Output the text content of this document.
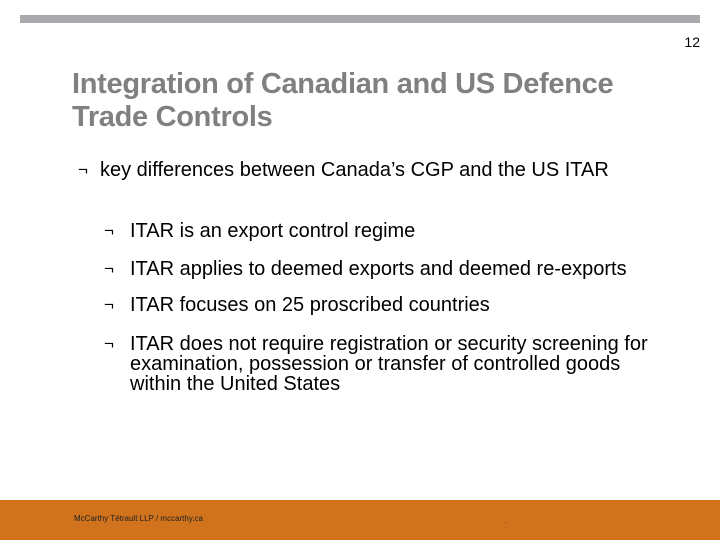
12
Integration of Canadian and US Defence Trade Controls
¬ key differences between Canada’s CGP and the US ITAR
¬ ITAR is an export control regime
¬ ITAR applies to deemed exports and deemed re-exports
¬ ITAR focuses on 25 proscribed countries
¬ ITAR does not require registration or security screening for examination, possession or transfer of controlled goods within the United States
McCarthy Tétrault LLP / mccarthy.ca	.
